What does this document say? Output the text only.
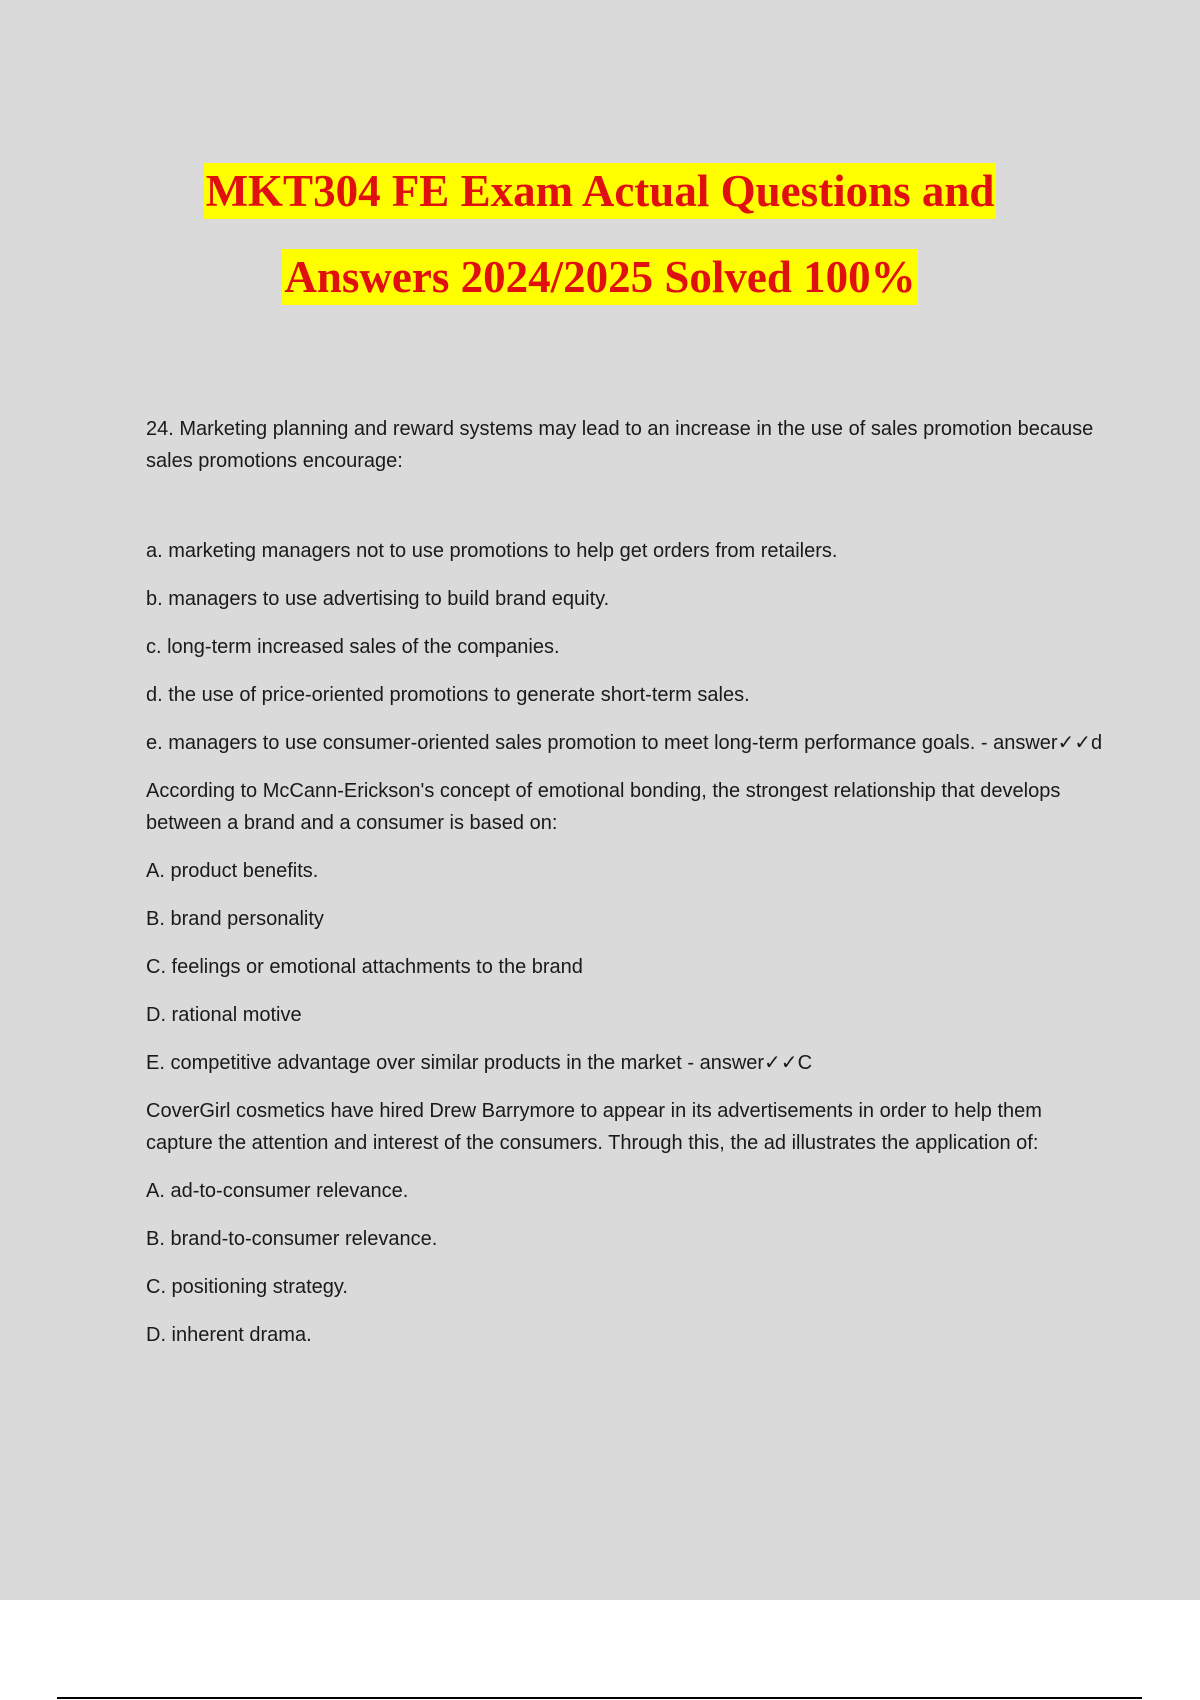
MKT304 FE Exam Actual Questions and
Answers 2024/2025 Solved 100%

24. Marketing planning and reward systems may lead to an increase in the use of sales promotion because sales promotions encourage:

a. marketing managers not to use promotions to help get orders from retailers.

b. managers to use advertising to build brand equity.

c. long-term increased sales of the companies.

d. the use of price-oriented promotions to generate short-term sales.

e. managers to use consumer-oriented sales promotion to meet long-term performance goals. - answer✓✓d

According to McCann-Erickson's concept of emotional bonding, the strongest relationship that develops between a brand and a consumer is based on:

A. product benefits.

B. brand personality

C. feelings or emotional attachments to the brand

D. rational motive

E. competitive advantage over similar products in the market - answer✓✓C

CoverGirl cosmetics have hired Drew Barrymore to appear in its advertisements in order to help them capture the attention and interest of the consumers. Through this, the ad illustrates the application of:

A. ad-to-consumer relevance.

B. brand-to-consumer relevance.

C. positioning strategy.

D. inherent drama.
